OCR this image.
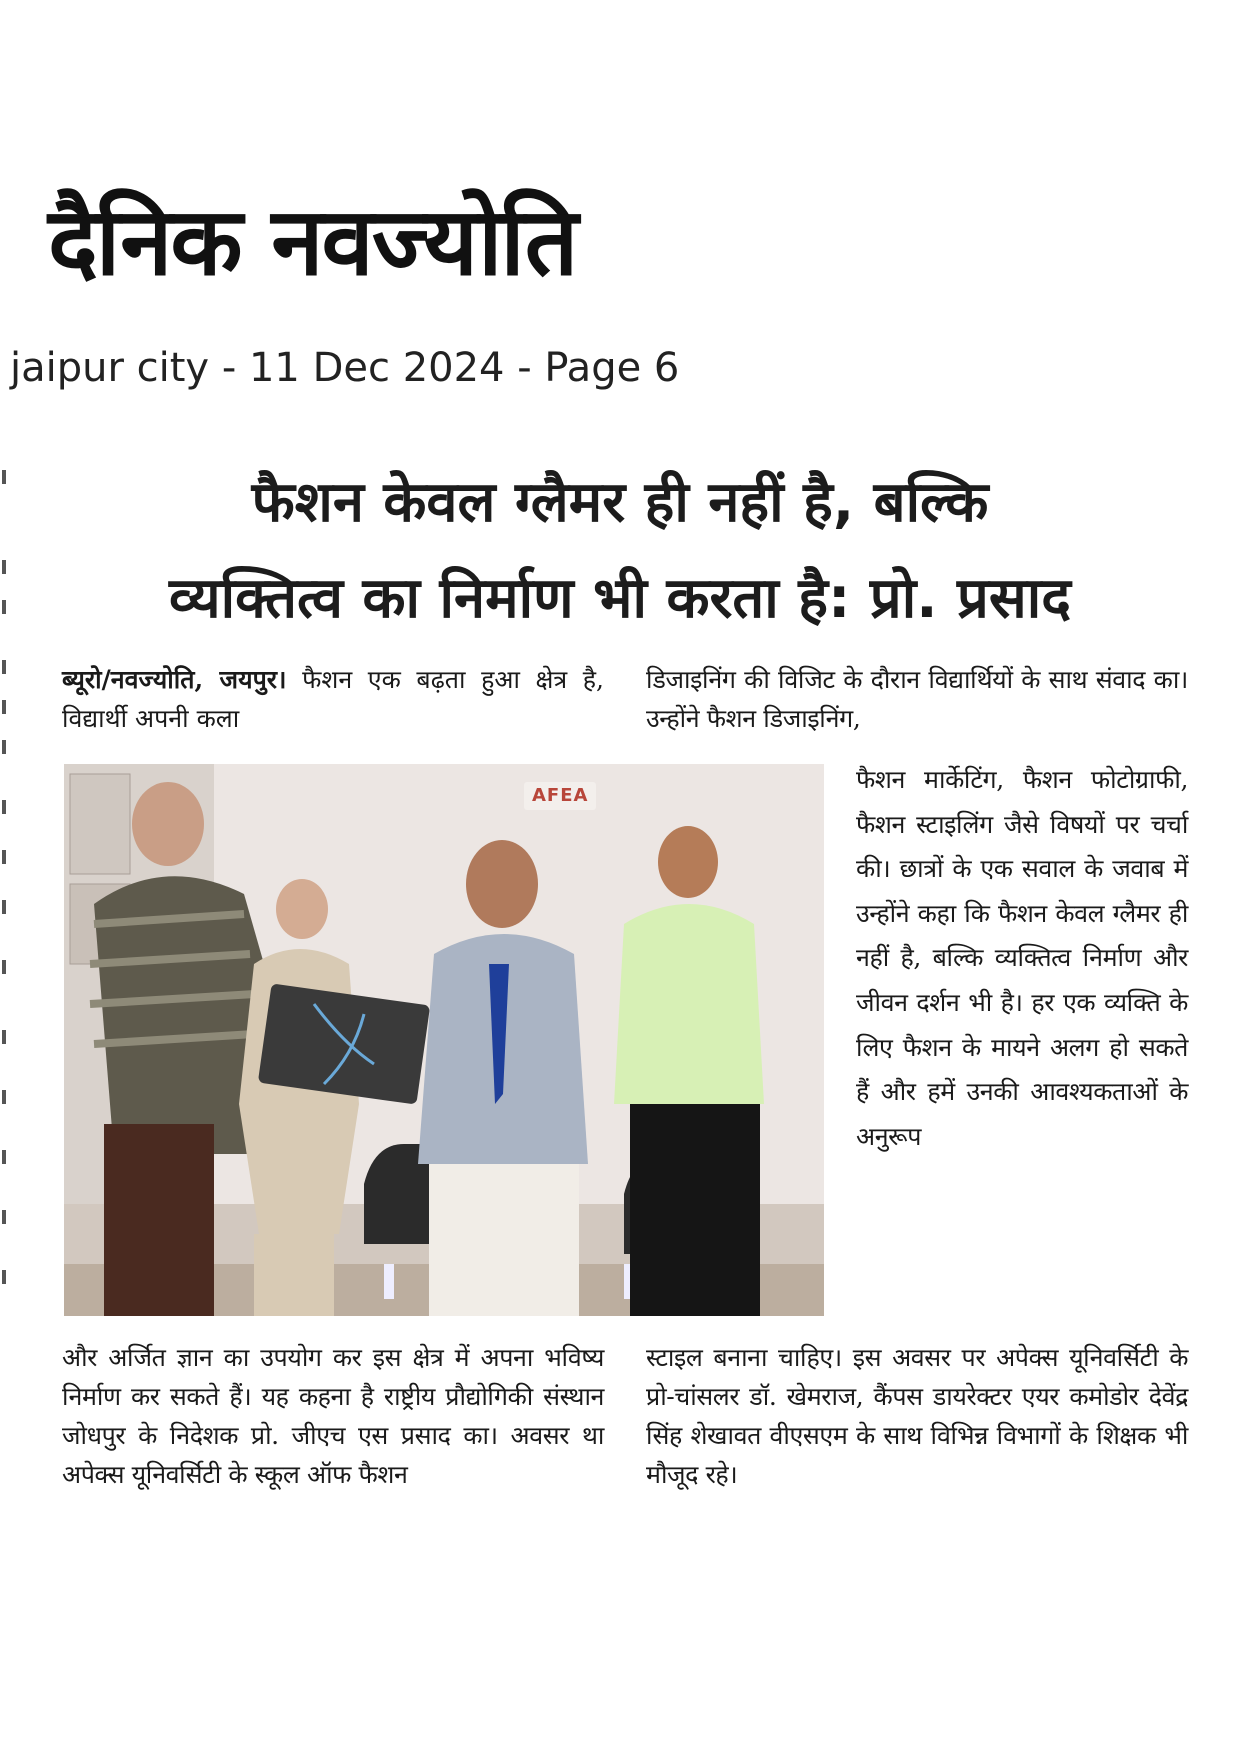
दैनिक नवज्योति
jaipur city - 11 Dec 2024 - Page 6
फैशन केवल ग्लैमर ही नहीं है, बल्कि
व्यक्तित्व का निर्माण भी करता है: प्रो. प्रसाद

ब्यूरो/नवज्योति, जयपुर। फैशन एक बढ़ता हुआ क्षेत्र है, विद्यार्थी अपनी कला

डिजाइनिंग की विजिट के दौरान विद्यार्थियों के साथ संवाद का। उन्होंने फैशन डिजाइनिंग,

AFEA

फैशन मार्केटिंग, फैशन फोटोग्राफी, फैशन स्टाइलिंग जैसे विषयों पर चर्चा की। छात्रों के एक सवाल के जवाब में उन्होंने कहा कि फैशन केवल ग्लैमर ही नहीं है, बल्कि व्यक्तित्व निर्माण और जीवन दर्शन भी है। हर एक व्यक्ति के लिए फैशन के मायने अलग हो सकते हैं और हमें उनकी आवश्यकताओं के अनुरूप

और अर्जित ज्ञान का उपयोग कर इस क्षेत्र में अपना भविष्य निर्माण कर सकते हैं। यह कहना है राष्ट्रीय प्रौद्योगिकी संस्थान जोधपुर के निदेशक प्रो. जीएच एस प्रसाद का। अवसर था अपेक्स यूनिवर्सिटी के स्कूल ऑफ फैशन

स्टाइल बनाना चाहिए। इस अवसर पर अपेक्स यूनिवर्सिटी के प्रो-चांसलर डॉ. खेमराज, कैंपस डायरेक्टर एयर कमोडोर देवेंद्र सिंह शेखावत वीएसएम के साथ विभिन्न विभागों के शिक्षक भी मौजूद रहे।
